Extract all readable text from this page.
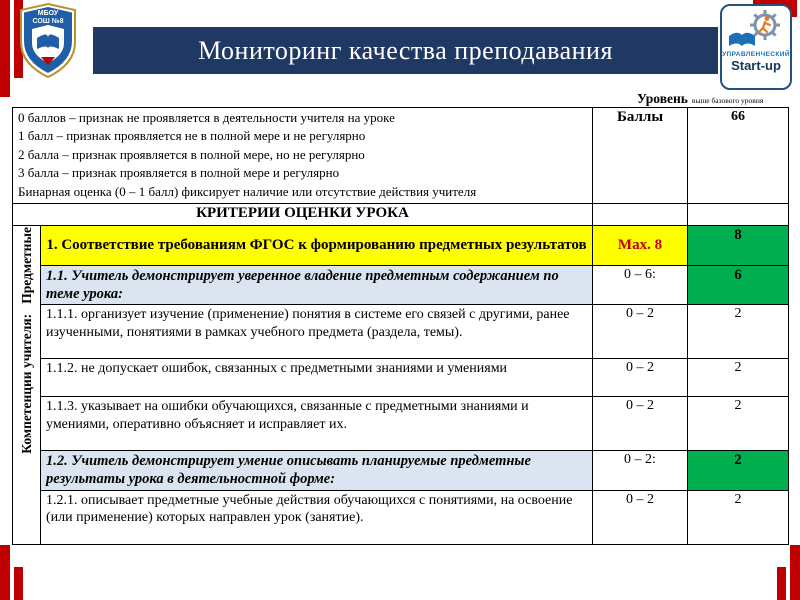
Мониторинг качества преподавания
МБОУ
СОШ №8
УПРАВЛЕНЧЕСКИЙ
Start-up
Уровень выше базового уровня
0 баллов – признак не проявляется в деятельности учителя на уроке
1 балл – признак проявляется не в полной мере и не регулярно
2 балла – признак проявляется в полной мере, но не регулярно
3 балла – признак проявляется в полной мере и регулярно
Бинарная оценка (0 – 1 балл) фиксирует наличие или отсутствие действия учителя		Баллы	66
КРИТЕРИИ ОЦЕНКИ УРОКА			
Компетенции учителя:   Предметные	1. Соответствие требованиям ФГОС к формированию предметных результатов	Мах. 8	8
	1.1. Учитель демонстрирует уверенное владение предметным содержанием по теме урока:	0 – 6:	6
	1.1.1. организует изучение (применение) понятия в системе его связей с другими, ранее изученными, понятиями в рамках учебного предмета (раздела, темы).	0 – 2	2
	1.1.2. не допускает ошибок, связанных с предметными знаниями и умениями	0 – 2	2
	1.1.3. указывает на ошибки обучающихся, связанные с предметными знаниями и умениями, оперативно объясняет и исправляет их.	0 – 2	2
	1.2. Учитель демонстрирует умение описывать планируемые предметные результаты урока в деятельностной форме:	0 – 2:	2
	1.2.1. описывает предметные учебные действия обучающихся с понятиями, на освоение (или применение) которых направлен урок (занятие).	0 – 2	2
